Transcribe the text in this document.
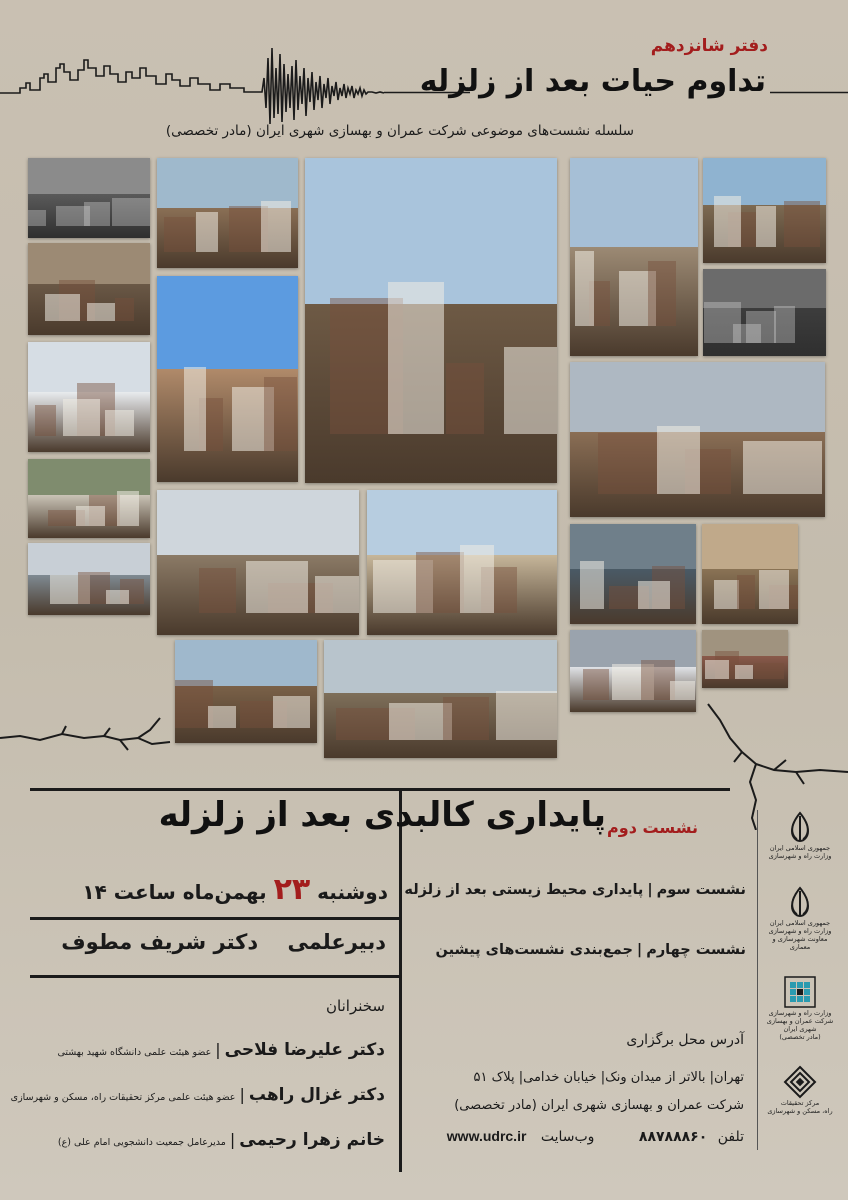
دفتر شانزدهم
تداوم حیات بعد از زلزله
سلسله نشست‌های موضوعی شرکت عمران و بهسازی شهری ایران (مادر تخصصی)
نشست دوم
پایداری کالبدی بعد از زلزله
دوشنبه ۲۳ بهمن‌ماه ساعت ۱۴
دبیرعلمی دکتر شریف مطوف
سخنرانان
دکتر علیرضا فلاحی|عضو هیئت علمی دانشگاه شهید بهشتی
دکتر غزال راهب|عضو هیئت علمی مرکز تحقیقات راه، مسکن و شهرسازی
خانم زهرا رحیمی|مدیرعامل جمعیت دانشجویی امام علی (ع)
نشست سوم|پایداری محیط زیستی بعد از زلزله
نشست چهارم|جمع‌بندی نشست‌های پیشین
آدرس محل برگزاری
تهران| بالاتر از میدان ونک| خیابان خدامی| پلاک ۵۱
شرکت عمران و بهسازی شهری ایران (مادر تخصصی)
تلفن ۸۸۷۸۸۸۶۰ وب‌سایت www.udrc.ir
جمهوری اسلامی ایران
وزارت راه و شهرسازی
جمهوری اسلامی ایران
وزارت راه و شهرسازی
معاونت شهرسازی و معماری
وزارت راه و شهرسازی
شرکت عمران و بهسازی شهری ایران
(مادر تخصصی)
مرکز تحقیقات
راه، مسکن و شهرسازی
